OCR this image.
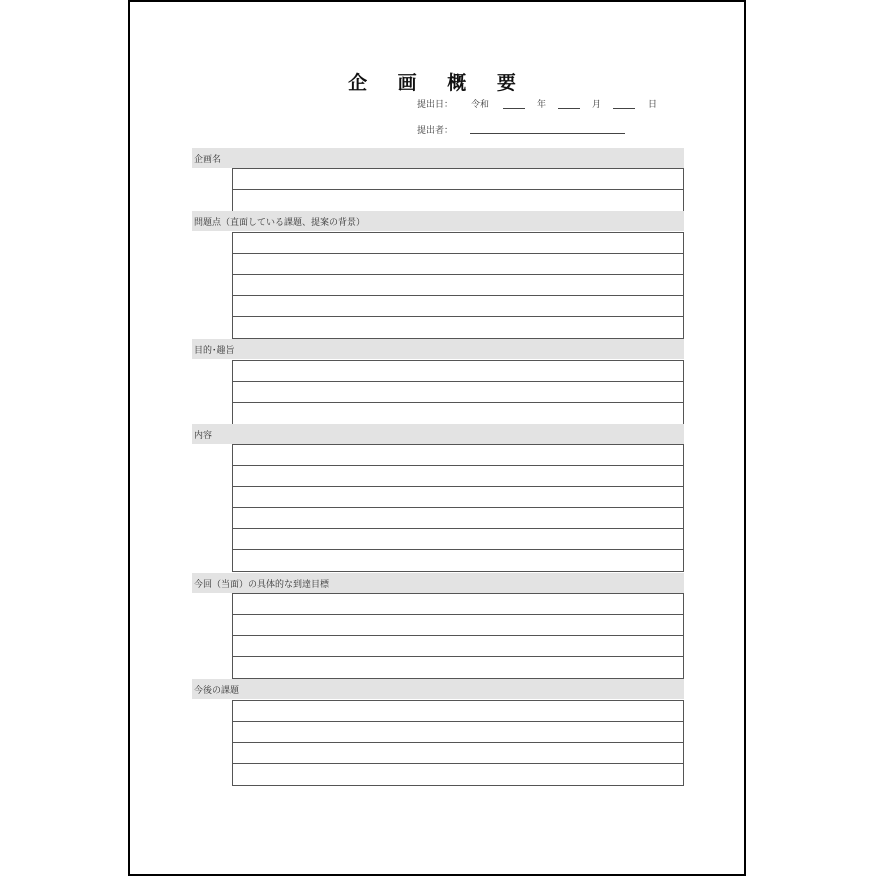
企 画 概 要
提出日： 令和	年	月	日
提出者：
企画名
問題点（直面している課題、提案の背景）
目的･趣旨
内容
今回（当面）の具体的な到達目標
今後の課題
